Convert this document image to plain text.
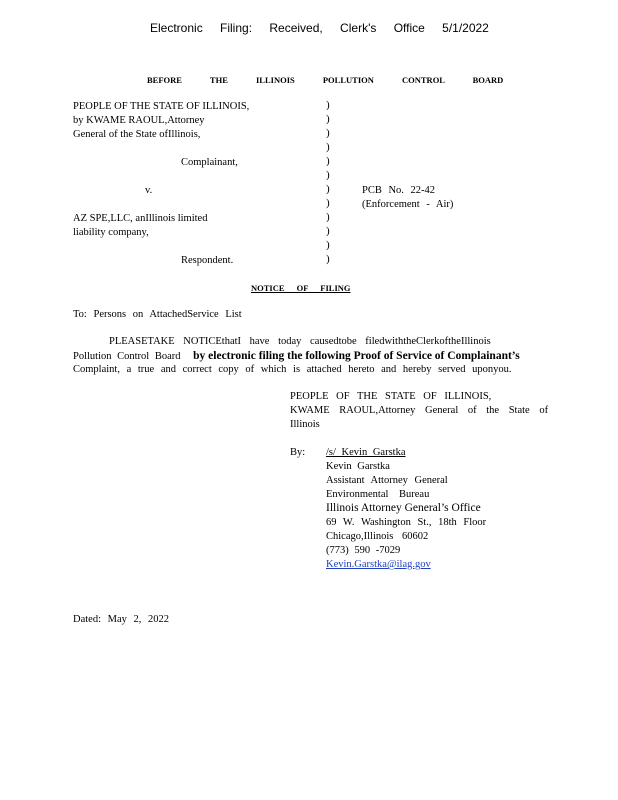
Electronic Filing: Received, Clerk's Office 5/1/2022
BEFORE THE ILLINOIS POLLUTION CONTROL BOARD
PEOPLE OF THE STATE OF ILLINOIS,
by KWAME RAOUL,Attorney
General of the State ofIllinois,
Complainant,
v.
AZ SPE,LLC, anIllinois limited
liability company,
Respondent.
)
)
)
)
)
)
)
)
)
)
)
)
PCB No. 22-42
(Enforcement - Air)
NOTICE OF FILING
To: Persons on AttachedService List
PLEASETAKE NOTICEthatI have today causedtobe filedwiththeClerkoftheIllinois
Pollution Control Board by electronic filing the following Proof of Service of Complainant’s
Complaint, a true and correct copy of which is attached hereto and hereby served uponyou.
PEOPLE OF THE STATE OF ILLINOIS,
KWAME RAOUL,Attorney General of the State of
Illinois
By: /s/ Kevin Garstka
Kevin Garstka
Assistant Attorney General
Environmental Bureau
Illinois Attorney General’s Office
69 W. Washington St., 18th Floor
Chicago,Illinois 60602
(773) 590 -7029
Kevin.Garstka@ilag.gov
Dated: May 2, 2022
